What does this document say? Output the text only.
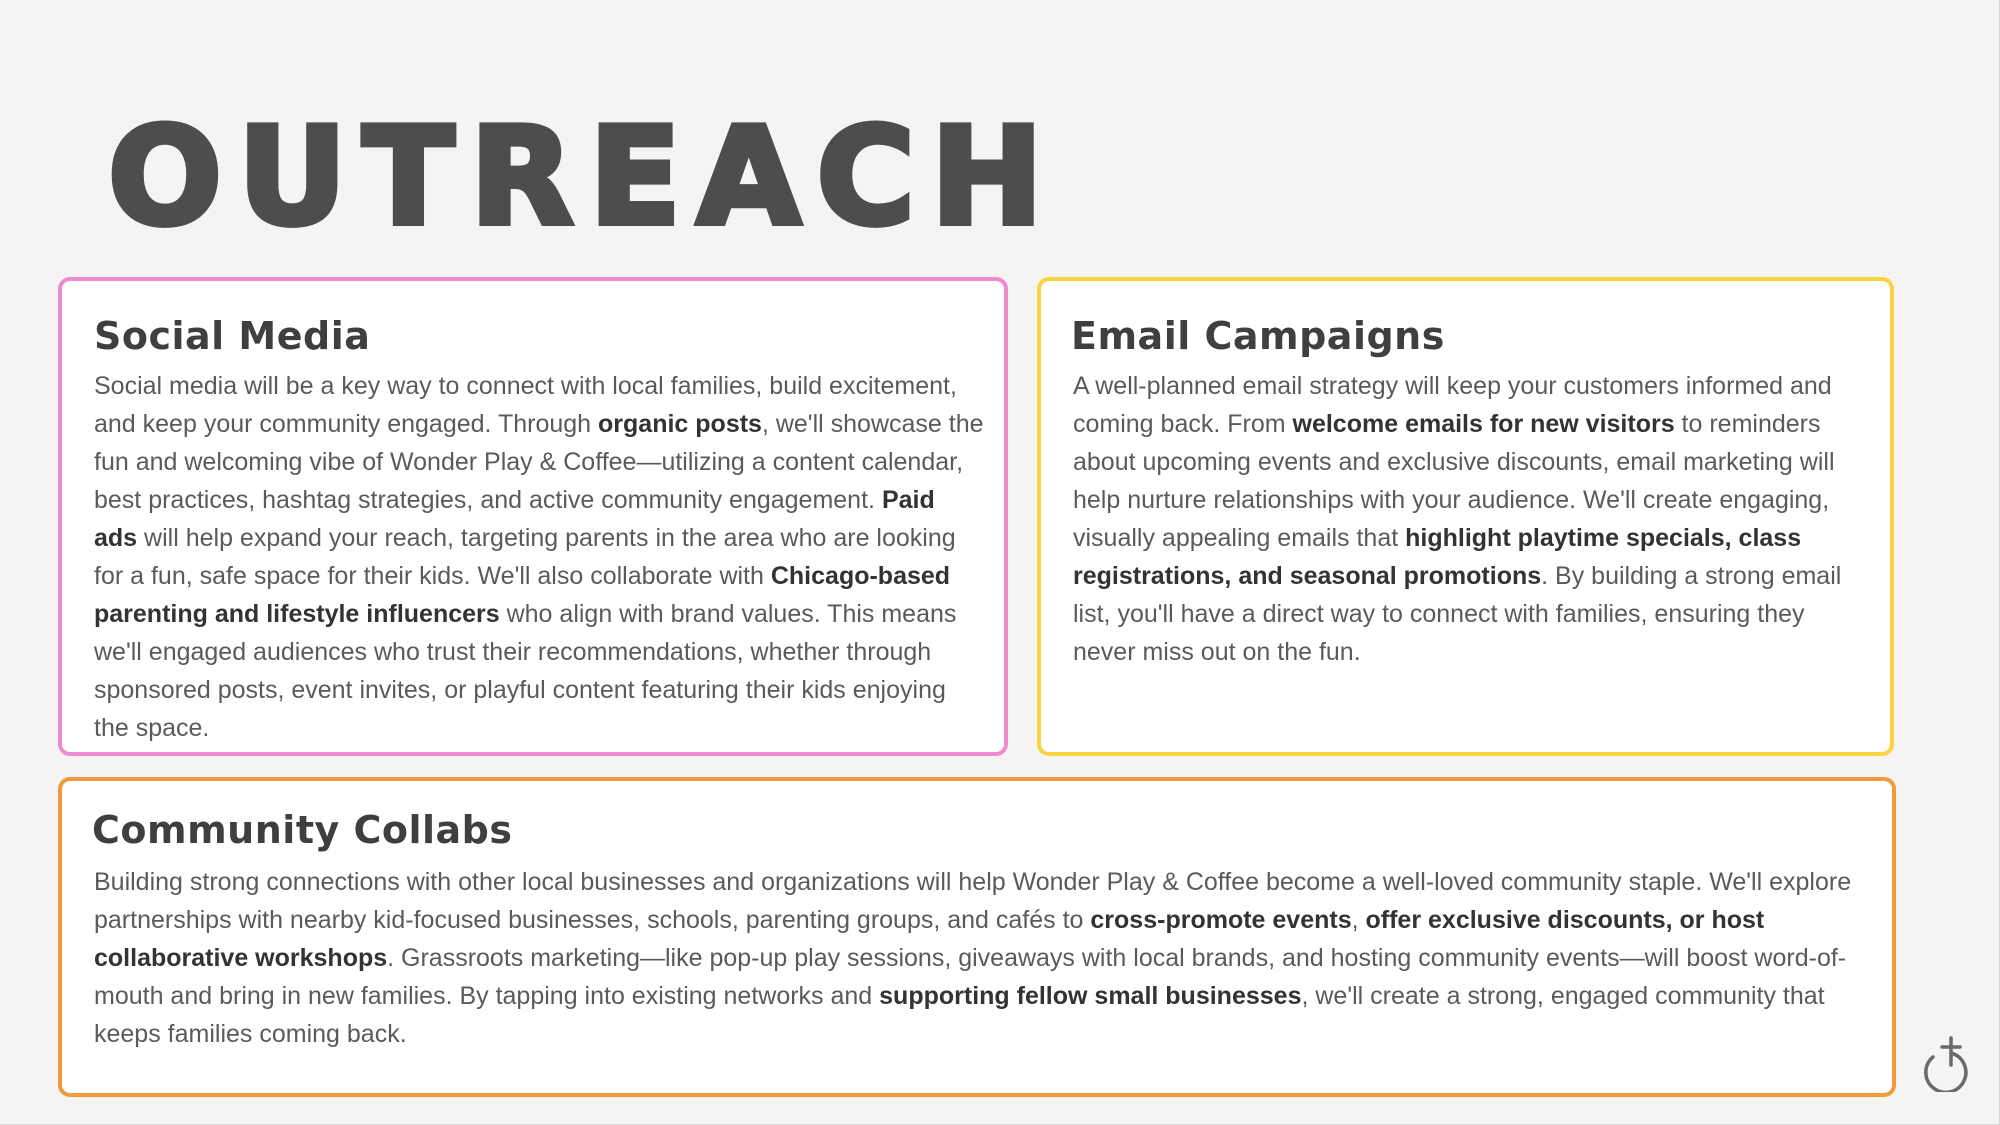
OUTREACH
Social Media
Social media will be a key way to connect with local families, build excitement, and keep your community engaged. Through organic posts, we'll showcase the fun and welcoming vibe of Wonder Play & Coffee—utilizing a content calendar, best practices, hashtag strategies, and active community engagement. Paid ads will help expand your reach, targeting parents in the area who are looking for a fun, safe space for their kids. We'll also collaborate with Chicago-based parenting and lifestyle influencers who align with brand values. This means we'll engaged audiences who trust their recommendations, whether through sponsored posts, event invites, or playful content featuring their kids enjoying the space.
Email Campaigns
A well-planned email strategy will keep your customers informed and coming back. From welcome emails for new visitors to reminders about upcoming events and exclusive discounts, email marketing will help nurture relationships with your audience. We'll create engaging, visually appealing emails that highlight playtime specials, class registrations, and seasonal promotions. By building a strong email list, you'll have a direct way to connect with families, ensuring they never miss out on the fun.
Community Collabs
Building strong connections with other local businesses and organizations will help Wonder Play & Coffee become a well-loved community staple. We'll explore partnerships with nearby kid-focused businesses, schools, parenting groups, and cafés to cross-promote events, offer exclusive discounts, or host collaborative workshops. Grassroots marketing—like pop-up play sessions, giveaways with local brands, and hosting community events—will boost word-of-mouth and bring in new families. By tapping into existing networks and supporting fellow small businesses, we'll create a strong, engaged community that keeps families coming back.
